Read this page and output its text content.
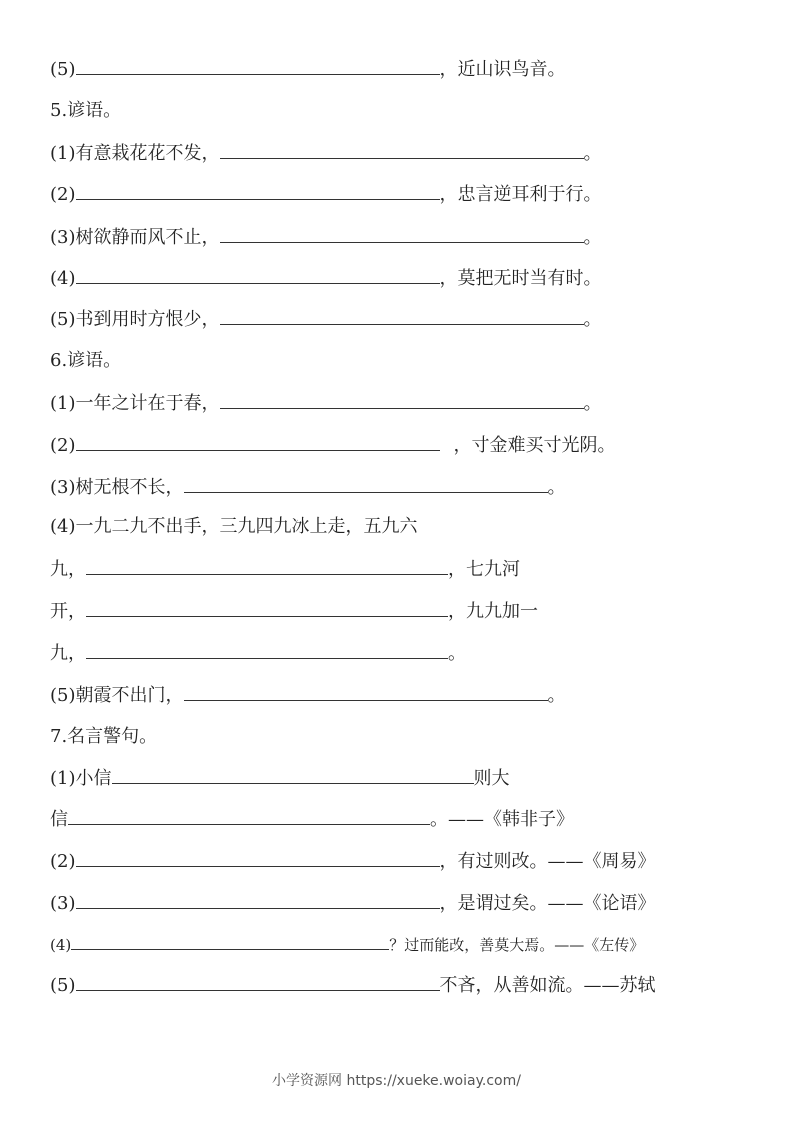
(5)	，近山识鸟音。
5.谚语。
(1)有意栽花花不发，	。
(2)	，忠言逆耳利于行。
(3)树欲静而风不止，	。
(4)	，莫把无时当有时。
(5)书到用时方恨少，	。
6.谚语。
(1)一年之计在于春，	。
(2)	，寸金难买寸光阴。
(3)树无根不长，	。
(4)一九二九不出手，三九四九冰上走，五九六
九，	，七九河
开，	，九九加一
九，	。
(5)朝霞不出门，	。
7.名言警句。
(1)小信	则大
信	。——《韩非子》
(2)	，有过则改。——《周易》
(3)	，是谓过矣。——《论语》
(4)	？过而能改，善莫大焉。——《左传》
(5)	不吝，从善如流。——苏轼
小学资源网 https://xueke.woiay.com/
